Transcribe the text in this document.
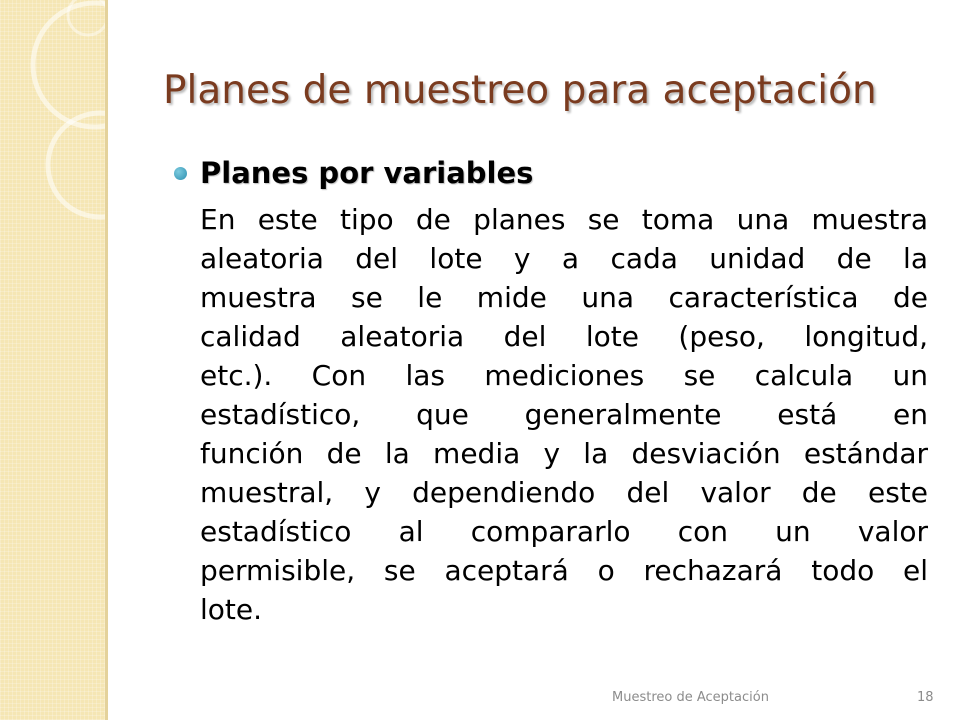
Planes de muestreo para aceptación
Planes por variables
En este tipo de planes se toma una muestra
aleatoria del lote y a cada unidad de la
muestra se le mide una característica de
calidad aleatoria del lote (peso, longitud,
etc.). Con las mediciones se calcula un
estadístico, que generalmente está en
función de la media y la desviación estándar
muestral, y dependiendo del valor de este
estadístico al compararlo con un valor
permisible, se aceptará o rechazará todo el
lote.
Muestreo de Aceptación	18
